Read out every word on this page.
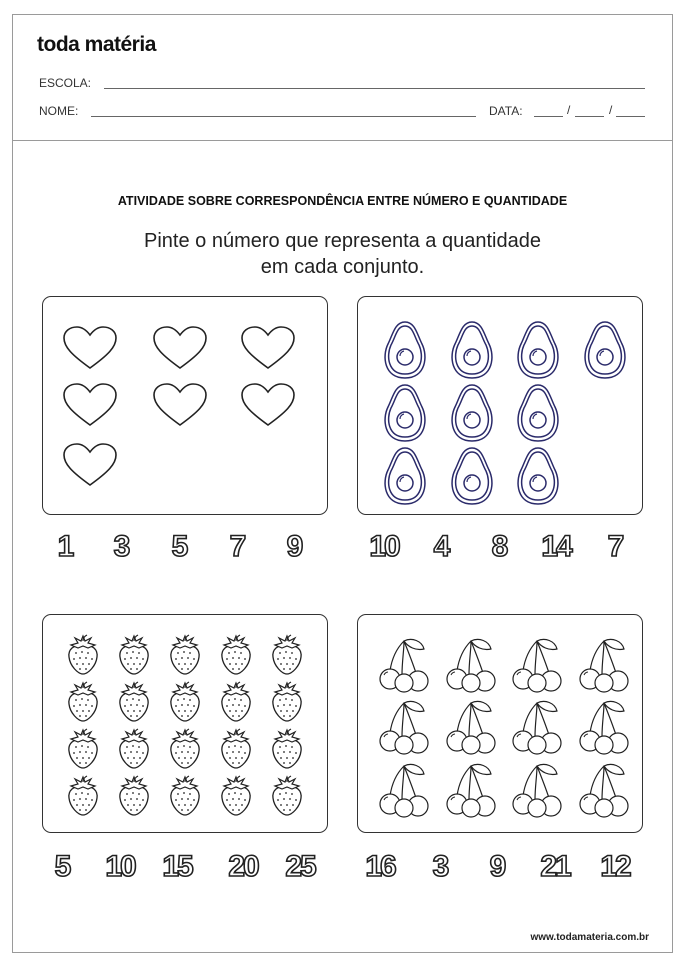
toda matéria
ESCOLA:
NOME:	DATA:	/	/
ATIVIDADE SOBRE CORRESPONDÊNCIA ENTRE NÚMERO E QUANTIDADE
Pinte o número que representa a quantidade
em cada conjunto.
1 3 5 7 9 10 4 8 14 7
5 10 15 20 25 16 3 9 21 12
www.todamateria.com.br
